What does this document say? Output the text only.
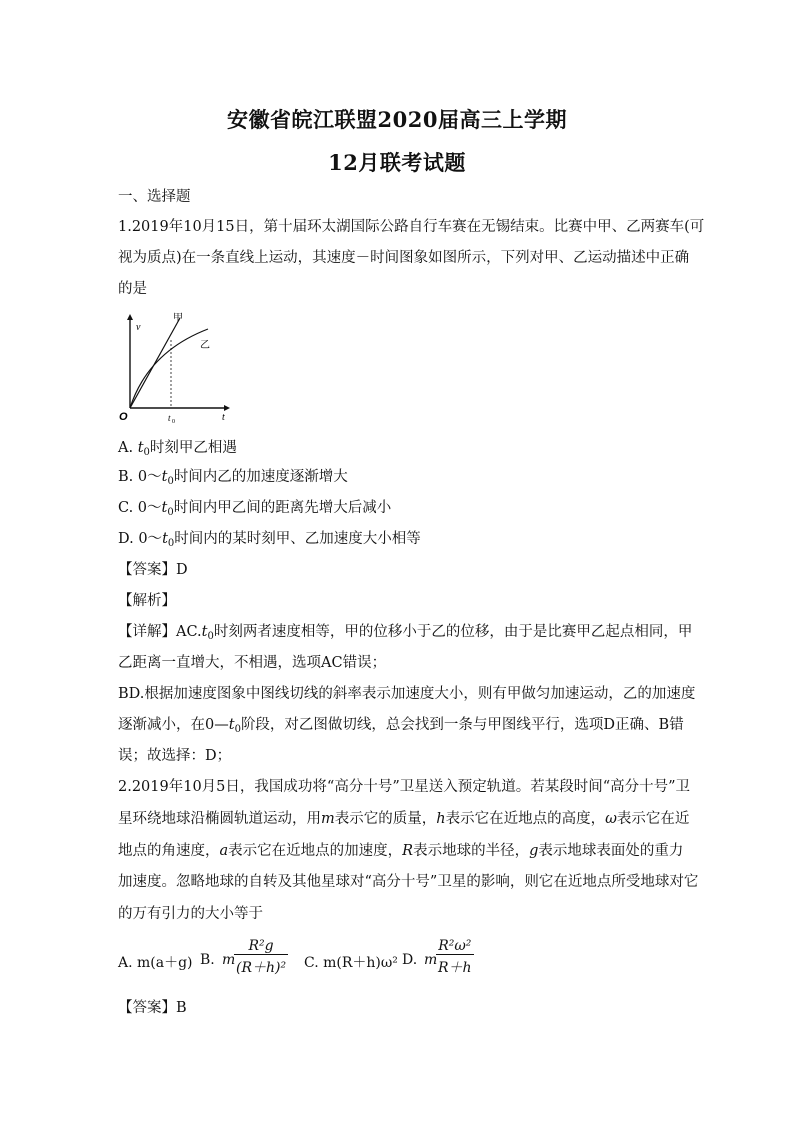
安徽省皖江联盟2020届高三上学期
12月联考试题
一、选择题
1.2019年10月15日，第十届环太湖国际公路自行车赛在无锡结束。比赛中甲、乙两赛车(可
视为质点)在一条直线上运动，其速度－时间图象如图所示，下列对甲、乙运动描述中正确
的是
v
t
O	t 0
甲
乙
A. $t_0$时刻甲乙相遇
B. $0\sim t_0$时间内乙的加速度逐渐增大
C. $0\sim t_0$时间内甲乙间的距离先增大后减小
D. $0\sim t_0$时间内的某时刻甲、乙加速度大小相等
【答案】D
【解析】
【详解】$AC.t_0$时刻两者速度相等，甲的位移小于乙的位移，由于是比赛甲乙起点相同，甲
乙距离一直增大，不相遇，选项AC错误；
BD.根据加速度图象中图线切线的斜率表示加速度大小，则有甲做匀加速运动，乙的加速度
逐渐减小，在$0—t_0$阶段，对乙图做切线，总会找到一条与甲图线平行，选项D正确、B错
误；故选择：D；
2.2019年10月5日，我国成功将“高分十号”卫星送入预定轨道。若某段时间“高分十号”卫
星环绕地球沿椭圆轨道运动，用m表示它的质量，h表示它在近地点的高度，ω表示它在近
地点的角速度，a表示它在近地点的加速度，R表示地球的半径，g表示地球表面处的重力
加速度。忽略地球的自转及其他星球对“高分十号”卫星的影响，则它在近地点所受地球对它
的万有引力的大小等于
A. m(a＋g) B. m
$\frac{\text{R²g}}{\text{(R＋h)²}} C$. m(R＋h)ω² D. m
$\frac{\text{R²ω²}}{R+h}$
【答案】B
